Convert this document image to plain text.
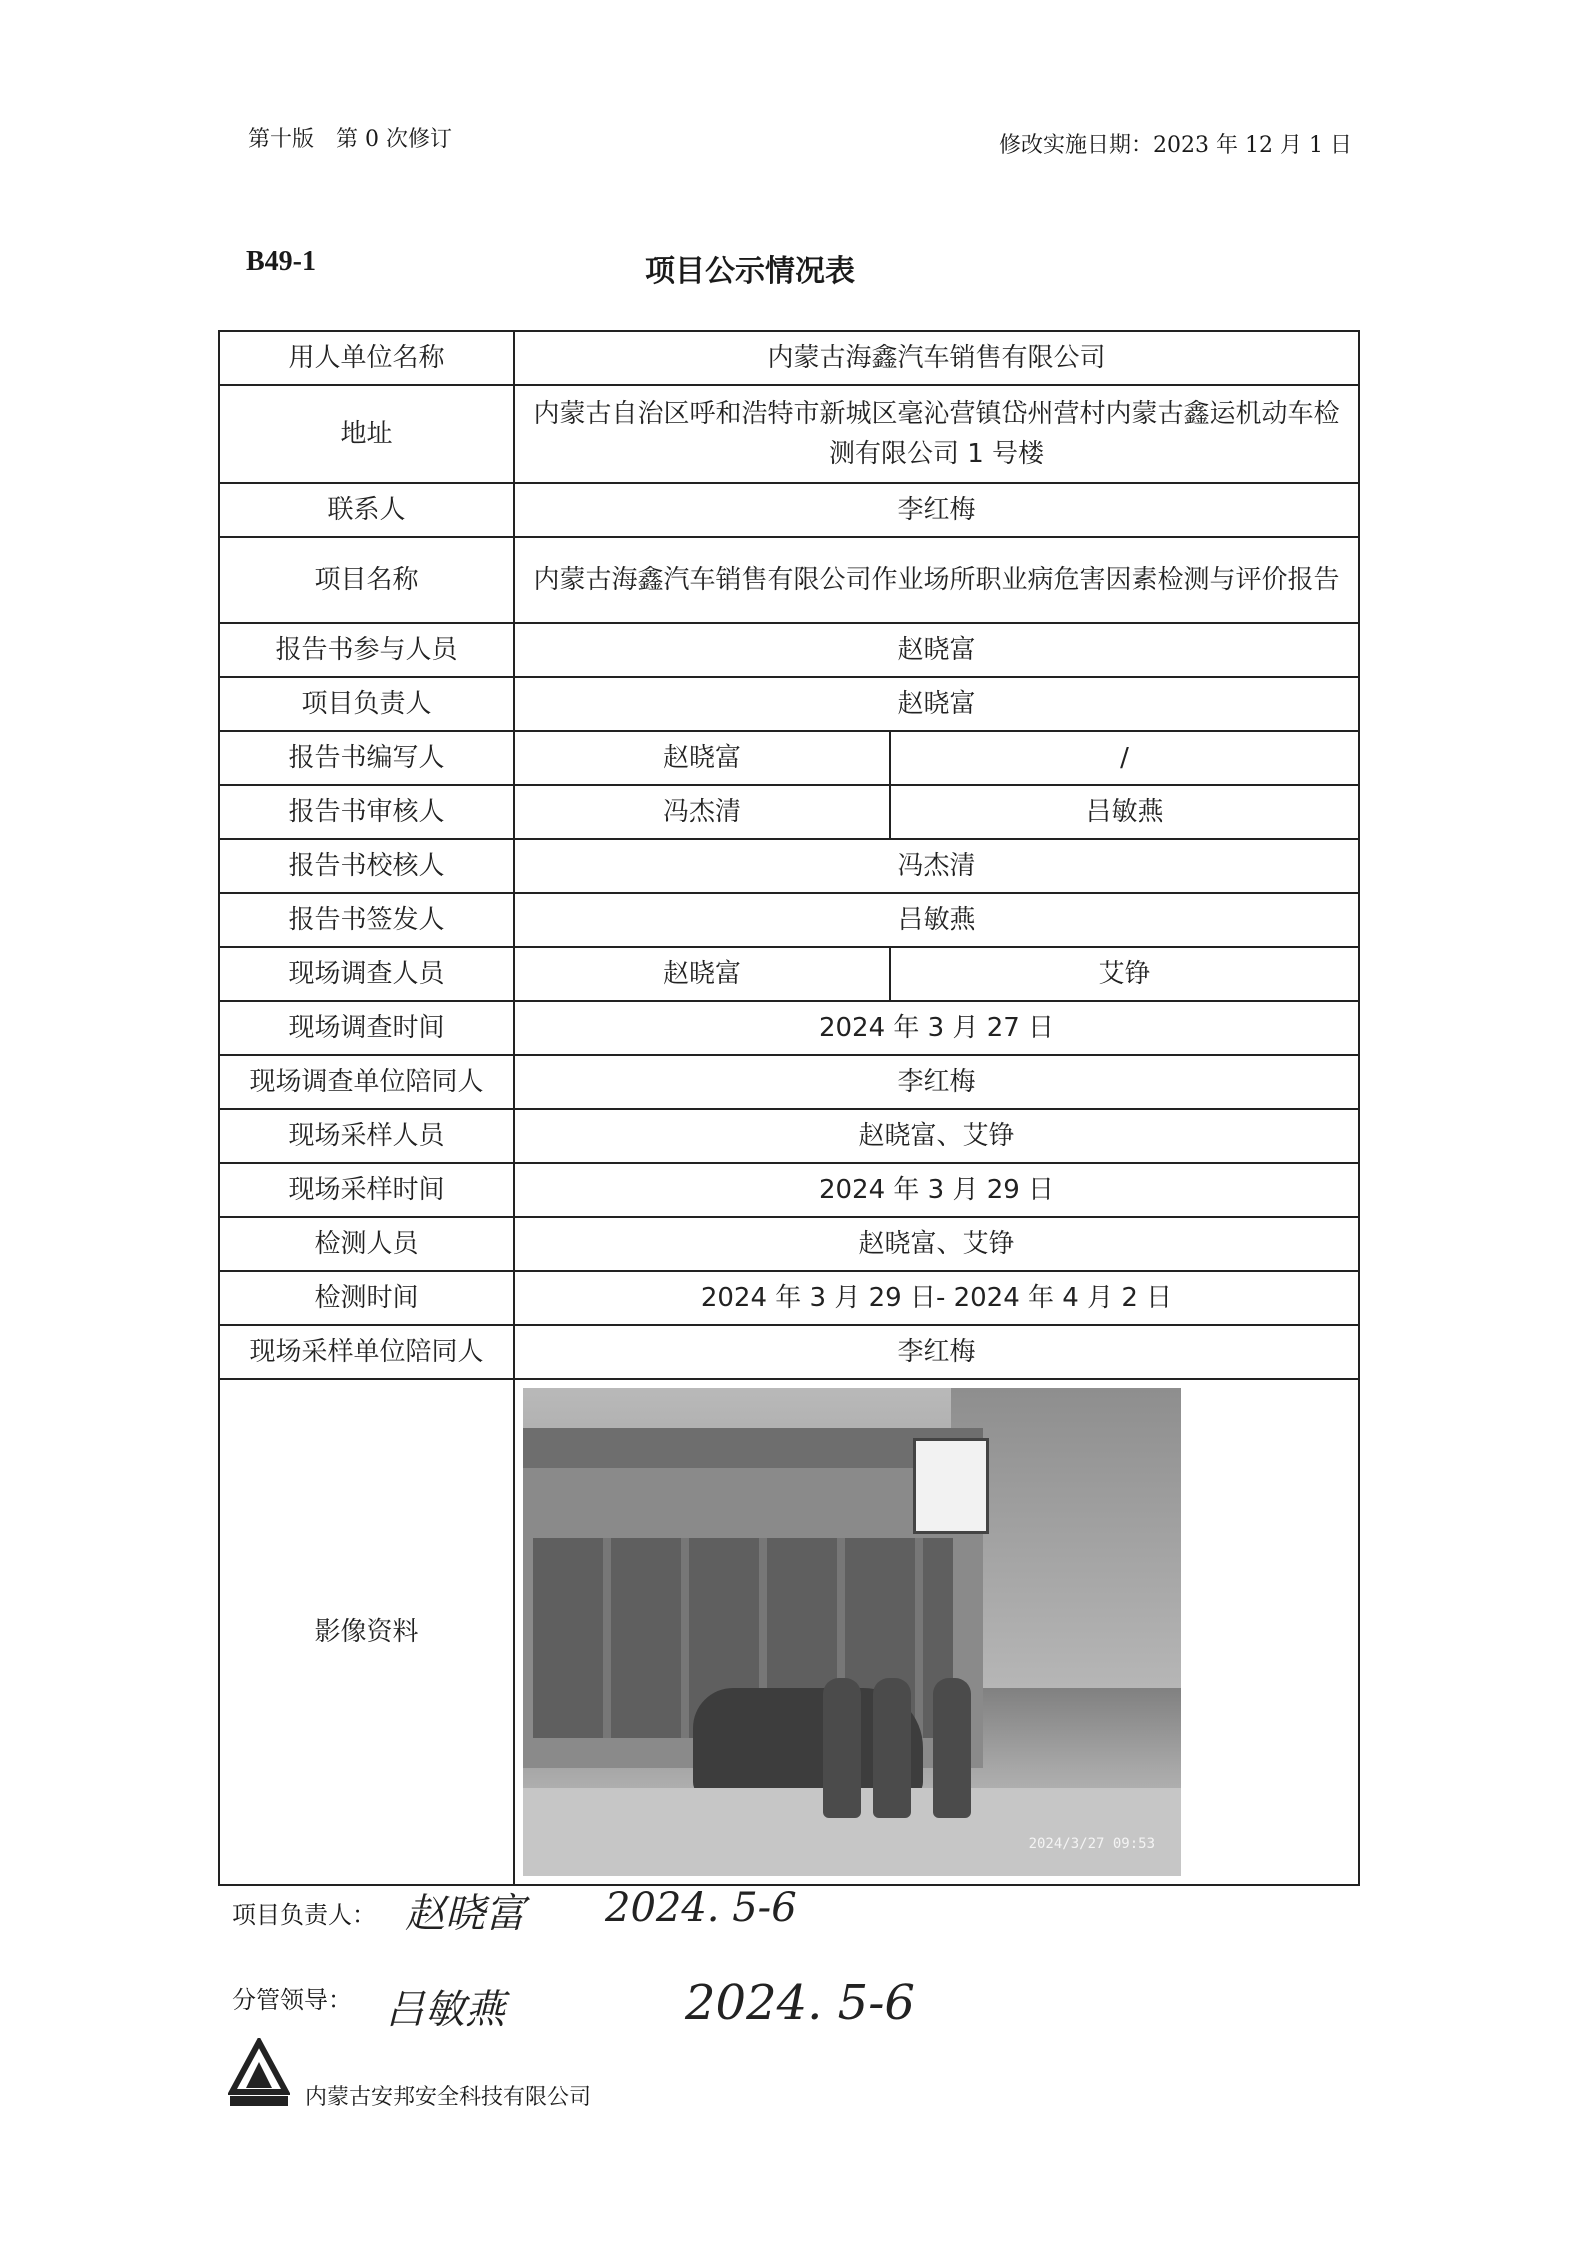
第十版　第 0 次修订	修改实施日期：2023 年 12 月 1 日
B49-1	项目公示情况表
用人单位名称	内蒙古海鑫汽车销售有限公司	
地址	内蒙古自治区呼和浩特市新城区毫沁营镇岱州营村内蒙古鑫运机动车检测有限公司 1 号楼	
联系人	李红梅	
项目名称	内蒙古海鑫汽车销售有限公司作业场所职业病危害因素检测与评价报告	
报告书参与人员	赵晓富	
项目负责人	赵晓富	
报告书编写人	赵晓富	/
报告书审核人	冯杰清	吕敏燕
报告书校核人	冯杰清	
报告书签发人	吕敏燕	
现场调查人员	赵晓富	艾铮
现场调查时间	2024 年 3 月 27 日	
现场调查单位陪同人	李红梅	
现场采样人员	赵晓富、艾铮	
现场采样时间	2024 年 3 月 29 日	
检测人员	赵晓富、艾铮	
检测时间	2024 年 3 月 29 日- 2024 年 4 月 2 日	
现场采样单位陪同人	李红梅	
影像资料	2024/3/27 09:53	
项目负责人： 赵晓富 2024. 5-6
分管领导： 吕敏燕	2024. 5-6
内蒙古安邦安全科技有限公司
